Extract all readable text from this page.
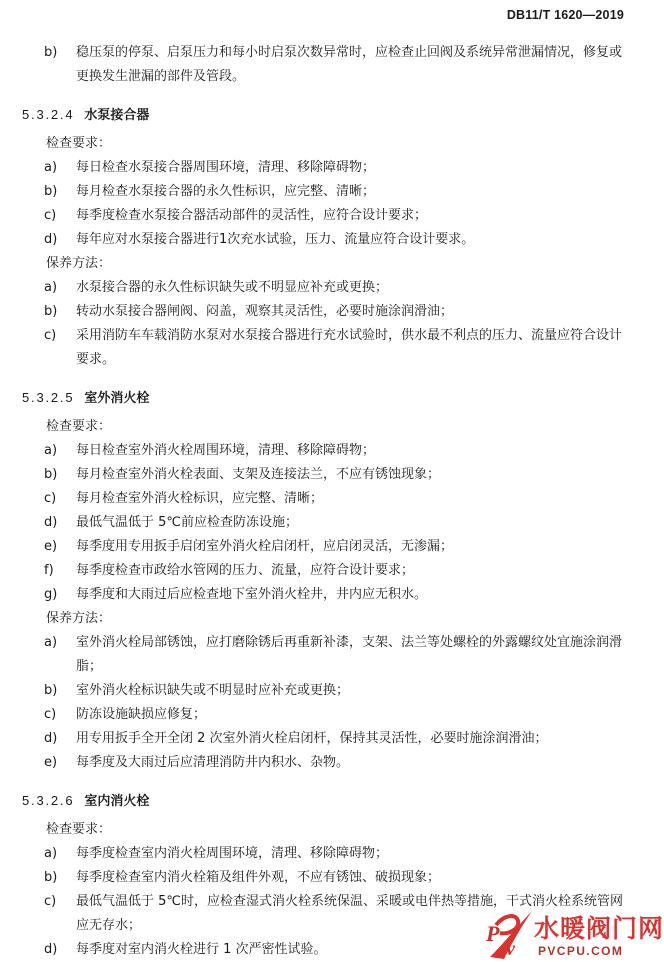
DB11/T 1620—2019

b)	稳压泵的停泵、启泵压力和每小时启泵次数异常时，应检查止回阀及系统异常泄漏情况，修复或更换发生泄漏的部件及管段。

5.3.2.4 水泵接合器

检查要求：

a)	每日检查水泵接合器周围环境，清理、移除障碍物；

b)	每月检查水泵接合器的永久性标识，应完整、清晰；

c)	每季度检查水泵接合器活动部件的灵活性，应符合设计要求；

d)	每年应对水泵接合器进行1次充水试验，压力、流量应符合设计要求。

保养方法：

a)	水泵接合器的永久性标识缺失或不明显应补充或更换；

b)	转动水泵接合器闸阀、闷盖，观察其灵活性，必要时施涂润滑油；

c)	采用消防车车载消防水泵对水泵接合器进行充水试验时，供水最不利点的压力、流量应符合设计要求。

5.3.2.5 室外消火栓

检查要求：

a)	每日检查室外消火栓周围环境，清理、移除障碍物；

b)	每月检查室外消火栓表面、支架及连接法兰，不应有锈蚀现象；

c)	每月检查室外消火栓标识，应完整、清晰；

d)	最低气温低于 5℃前应检查防冻设施；

e)	每季度用专用扳手启闭室外消火栓启闭杆，应启闭灵活，无渗漏；

f)	每季度检查市政给水管网的压力、流量，应符合设计要求；

g)	每季度和大雨过后应检查地下室外消火栓井，井内应无积水。

保养方法：

a)	室外消火栓局部锈蚀，应打磨除锈后再重新补漆，支架、法兰等处螺栓的外露螺纹处宜施涂润滑脂；

b)	室外消火栓标识缺失或不明显时应补充或更换；

c)	防冻设施缺损应修复；

d)	用专用扳手全开全闭 2 次室外消火栓启闭杆，保持其灵活性，必要时施涂润滑油；

e)	每季度及大雨过后应清理消防井内积水、杂物。

5.3.2.6 室内消火栓

检查要求：

a)	每季度检查室内消火栓周围环境，清理、移除障碍物；

b)	每季度检查室内消火栓箱及组件外观，不应有锈蚀、破损现象；

c)	最低气温低于 5℃时，应检查湿式消火栓系统保温、采暖或电伴热等措施，干式消火栓系统管网应无存水；

d)	每季度对室内消火栓进行 1 次严密性试验。

P
v
水暖阀门网
PVCPU.COM
